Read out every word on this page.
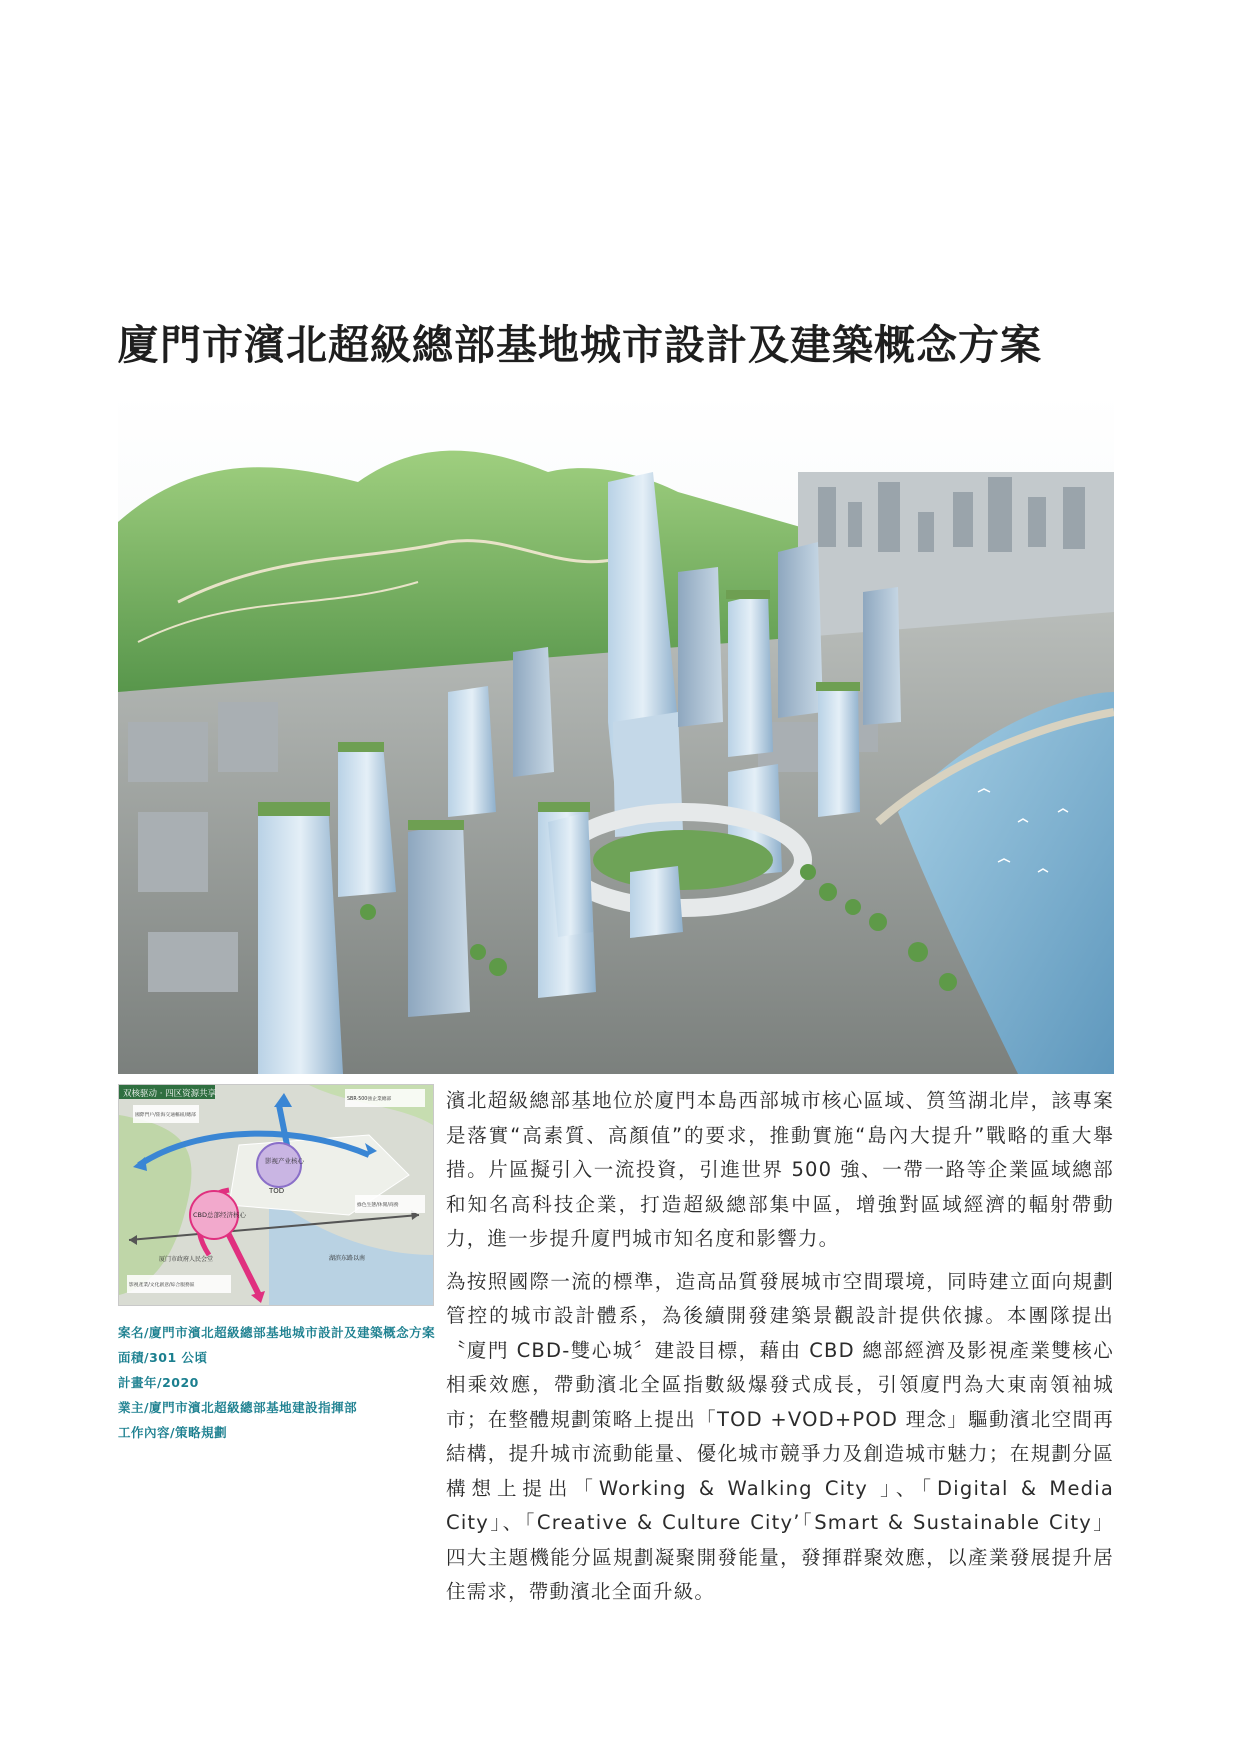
廈門市濱北超級總部基地城市設計及建築概念方案
双核驱动 · 四区资源共享
影视产业核心
CBD总部经济核心
TOD
厦门市政府人民会堂	湖滨东路以南
國際門戶/陸海交通樞紐/總部
SBR·500強企業總部
影視產業/文化創意/綜合服務區
綠色生態/休閒/商務
案名/廈門市濱北超級總部基地城市設計及建築概念方案
面積/301 公頃
計畫年/2020
業主/廈門市濱北超級總部基地建設指揮部
工作內容/策略規劃

濱北超級總部基地位於廈門本島西部城市核心區域、筼筜湖北岸，該專案是落實“高素質、高顏值”的要求，推動實施“島內大提升”戰略的重大舉措。片區擬引入一流投資，引進世界 500 強、一帶一路等企業區域總部和知名高科技企業，打造超級總部集中區，增強對區域經濟的輻射帶動力，進一步提升廈門城市知名度和影響力。

為按照國際一流的標準，造高品質發展城市空間環境，同時建立面向規劃管控的城市設計體系，為後續開發建築景觀設計提供依據。本團隊提出〝廈門 CBD-雙心城〞建設目標，藉由 CBD 總部經濟及影視產業雙核心相乘效應，帶動濱北全區指數級爆發式成長，引領廈門為大東南領袖城市；在整體規劃策略上提出「TOD +VOD+POD 理念」驅動濱北空間再結構，提升城市流動能量、優化城市競爭力及創造城市魅力；在規劃分區構想上提出「Working & Walking City 」、「Digital & Media City」、「Creative & Culture City’「Smart & Sustainable City」四大主題機能分區規劃凝聚開發能量，發揮群聚效應，以產業發展提升居住需求，帶動濱北全面升級。
